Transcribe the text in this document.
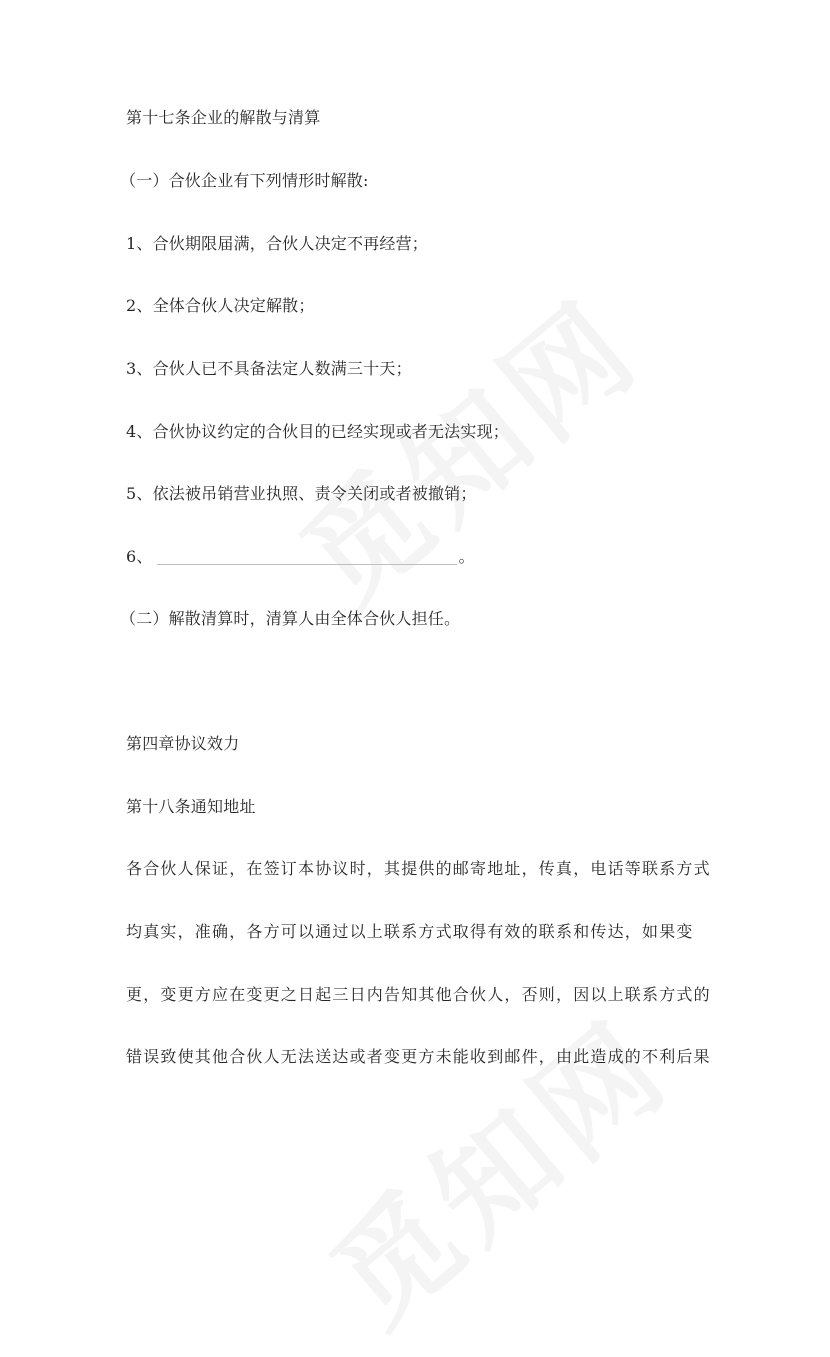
第十七条企业的解散与清算
（一）合伙企业有下列情形时解散:
1、合伙期限届满，合伙人决定不再经营；
2、全体合伙人决定解散；
3、合伙人已不具备法定人数满三十天；
4、合伙协议约定的合伙目的已经实现或者无法实现；
5、依法被吊销营业执照、责令关闭或者被撤销；
6、	。
（二）解散清算时，清算人由全体合伙人担任。
第四章协议效力
第十八条通知地址
各合伙人保证，在签订本协议时，其提供的邮寄地址，传真，电话等联系方式
均真实，准确，各方可以通过以上联系方式取得有效的联系和传达，如果变
更，变更方应在变更之日起三日内告知其他合伙人，否则，因以上联系方式的
错误致使其他合伙人无法送达或者变更方未能收到邮件，由此造成的不利后果
